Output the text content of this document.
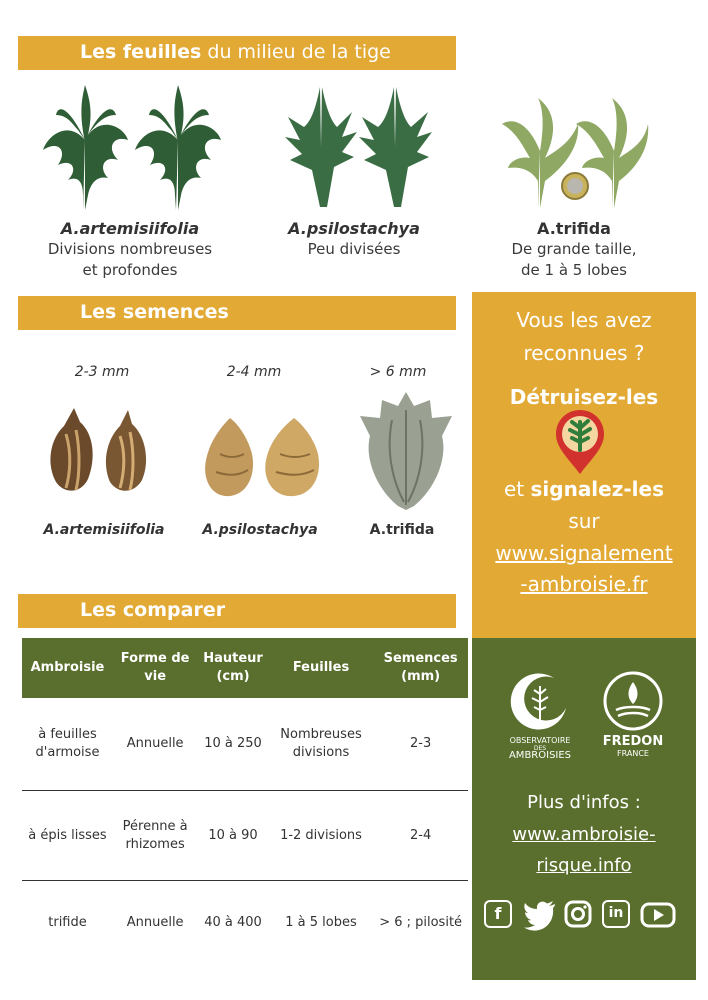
Les feuilles du milieu de la tige
A.artemisiifolia
Divisions nombreuses
et profondes
A.psilostachya
Peu divisées
A.trifida
De grande taille,
de 1 à 5 lobes
Les semences
2-3 mm	2-4 mm	> 6 mm
A.artemisiifolia	A.psilostachya	A.trifida
Les comparer
Ambroisie	Forme de vie	Hauteur (cm)	Feuilles	Semences (mm)
à feuilles d'armoise	Annuelle	10 à 250	Nombreuses divisions	2-3
à épis lisses	Pérenne à rhizomes	10 à 90	1-2 divisions	2-4
trifide	Annuelle	40 à 400	1 à 5 lobes	> 6 ; pilosité
Vous les avez
reconnues ?
Détruisez-les
et signalez-les
sur
www.signalement
-ambroisie.fr
OBSERVATOIRE
DES
AMBROISIES
FREDON
FRANCE
Plus d'infos :
www.ambroisie-
risque.info
f	in
